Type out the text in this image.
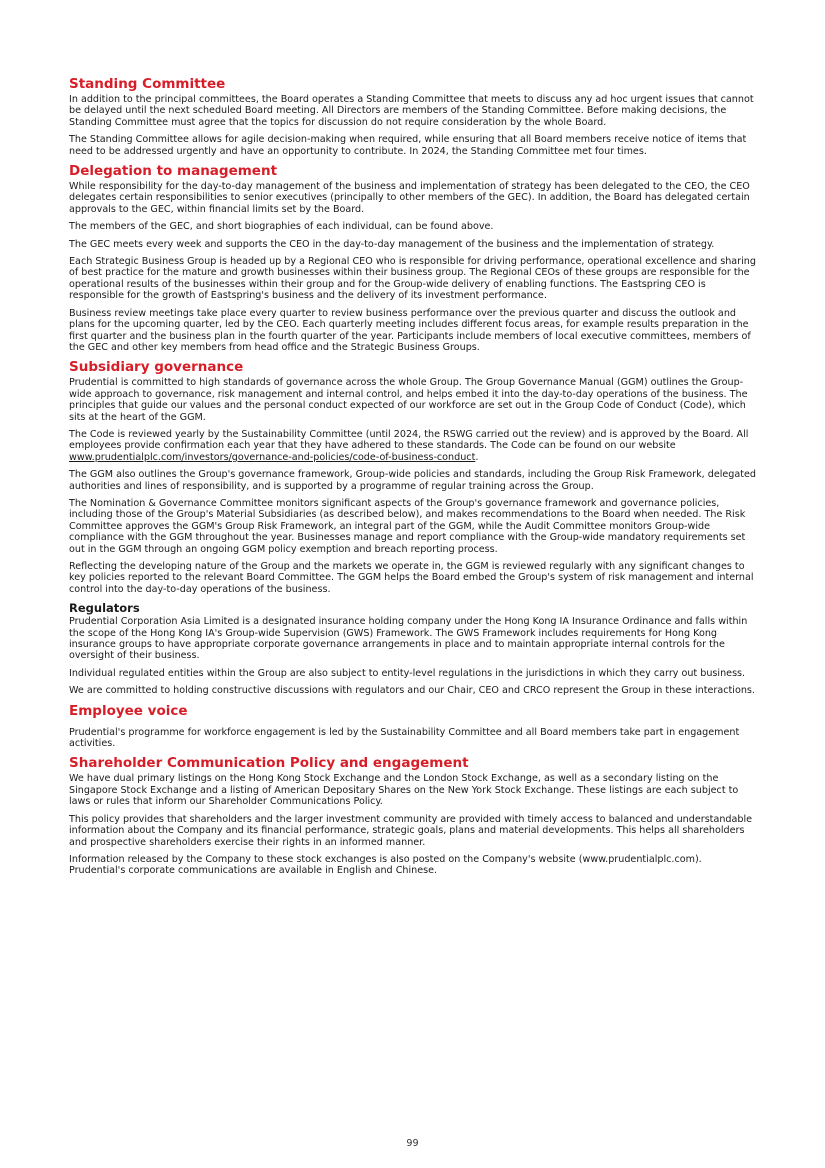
Standing Committee

In addition to the principal committees, the Board operates a Standing Committee that meets to discuss any ad hoc urgent issues that cannot be delayed until the next scheduled Board meeting. All Directors are members of the Standing Committee. Before making decisions, the Standing Committee must agree that the topics for discussion do not require consideration by the whole Board.

The Standing Committee allows for agile decision-making when required, while ensuring that all Board members receive notice of items that need to be addressed urgently and have an opportunity to contribute. In 2024, the Standing Committee met four times.

Delegation to management

While responsibility for the day-to-day management of the business and implementation of strategy has been delegated to the CEO, the CEO delegates certain responsibilities to senior executives (principally to other members of the GEC). In addition, the Board has delegated certain approvals to the GEC, within financial limits set by the Board.

The members of the GEC, and short biographies of each individual, can be found above.

The GEC meets every week and supports the CEO in the day-to-day management of the business and the implementation of strategy.

Each Strategic Business Group is headed up by a Regional CEO who is responsible for driving performance, operational excellence and sharing of best practice for the mature and growth businesses within their business group. The Regional CEOs of these groups are responsible for the operational results of the businesses within their group and for the Group-wide delivery of enabling functions. The Eastspring CEO is responsible for the growth of Eastspring's business and the delivery of its investment performance.

Business review meetings take place every quarter to review business performance over the previous quarter and discuss the outlook and plans for the upcoming quarter, led by the CEO. Each quarterly meeting includes different focus areas, for example results preparation in the first quarter and the business plan in the fourth quarter of the year. Participants include members of local executive committees, members of the GEC and other key members from head office and the Strategic Business Groups.

Subsidiary governance

Prudential is committed to high standards of governance across the whole Group. The Group Governance Manual (GGM) outlines the Group-wide approach to governance, risk management and internal control, and helps embed it into the day-to-day operations of the business. The principles that guide our values and the personal conduct expected of our workforce are set out in the Group Code of Conduct (Code), which sits at the heart of the GGM.

The Code is reviewed yearly by the Sustainability Committee (until 2024, the RSWG carried out the review) and is approved by the Board. All employees provide confirmation each year that they have adhered to these standards. The Code can be found on our website www.prudentialplc.com/investors/governance-and-policies/code-of-business-conduct.

The GGM also outlines the Group's governance framework, Group-wide policies and standards, including the Group Risk Framework, delegated authorities and lines of responsibility, and is supported by a programme of regular training across the Group.

The Nomination & Governance Committee monitors significant aspects of the Group's governance framework and governance policies, including those of the Group's Material Subsidiaries (as described below), and makes recommendations to the Board when needed. The Risk Committee approves the GGM's Group Risk Framework, an integral part of the GGM, while the Audit Committee monitors Group-wide compliance with the GGM throughout the year. Businesses manage and report compliance with the Group-wide mandatory requirements set out in the GGM through an ongoing GGM policy exemption and breach reporting process.

Reflecting the developing nature of the Group and the markets we operate in, the GGM is reviewed regularly with any significant changes to key policies reported to the relevant Board Committee. The GGM helps the Board embed the Group's system of risk management and internal control into the day-to-day operations of the business.

Regulators

Prudential Corporation Asia Limited is a designated insurance holding company under the Hong Kong IA Insurance Ordinance and falls within the scope of the Hong Kong IA's Group-wide Supervision (GWS) Framework. The GWS Framework includes requirements for Hong Kong insurance groups to have appropriate corporate governance arrangements in place and to maintain appropriate internal controls for the oversight of their business.

Individual regulated entities within the Group are also subject to entity-level regulations in the jurisdictions in which they carry out business.

We are committed to holding constructive discussions with regulators and our Chair, CEO and CRCO represent the Group in these interactions.

Employee voice

Prudential's programme for workforce engagement is led by the Sustainability Committee and all Board members take part in engagement activities.

Shareholder Communication Policy and engagement

We have dual primary listings on the Hong Kong Stock Exchange and the London Stock Exchange, as well as a secondary listing on the Singapore Stock Exchange and a listing of American Depositary Shares on the New York Stock Exchange. These listings are each subject to laws or rules that inform our Shareholder Communications Policy.

This policy provides that shareholders and the larger investment community are provided with timely access to balanced and understandable information about the Company and its financial performance, strategic goals, plans and material developments. This helps all shareholders and prospective shareholders exercise their rights in an informed manner.

Information released by the Company to these stock exchanges is also posted on the Company's website (www.prudentialplc.com). Prudential's corporate communications are available in English and Chinese.

99
